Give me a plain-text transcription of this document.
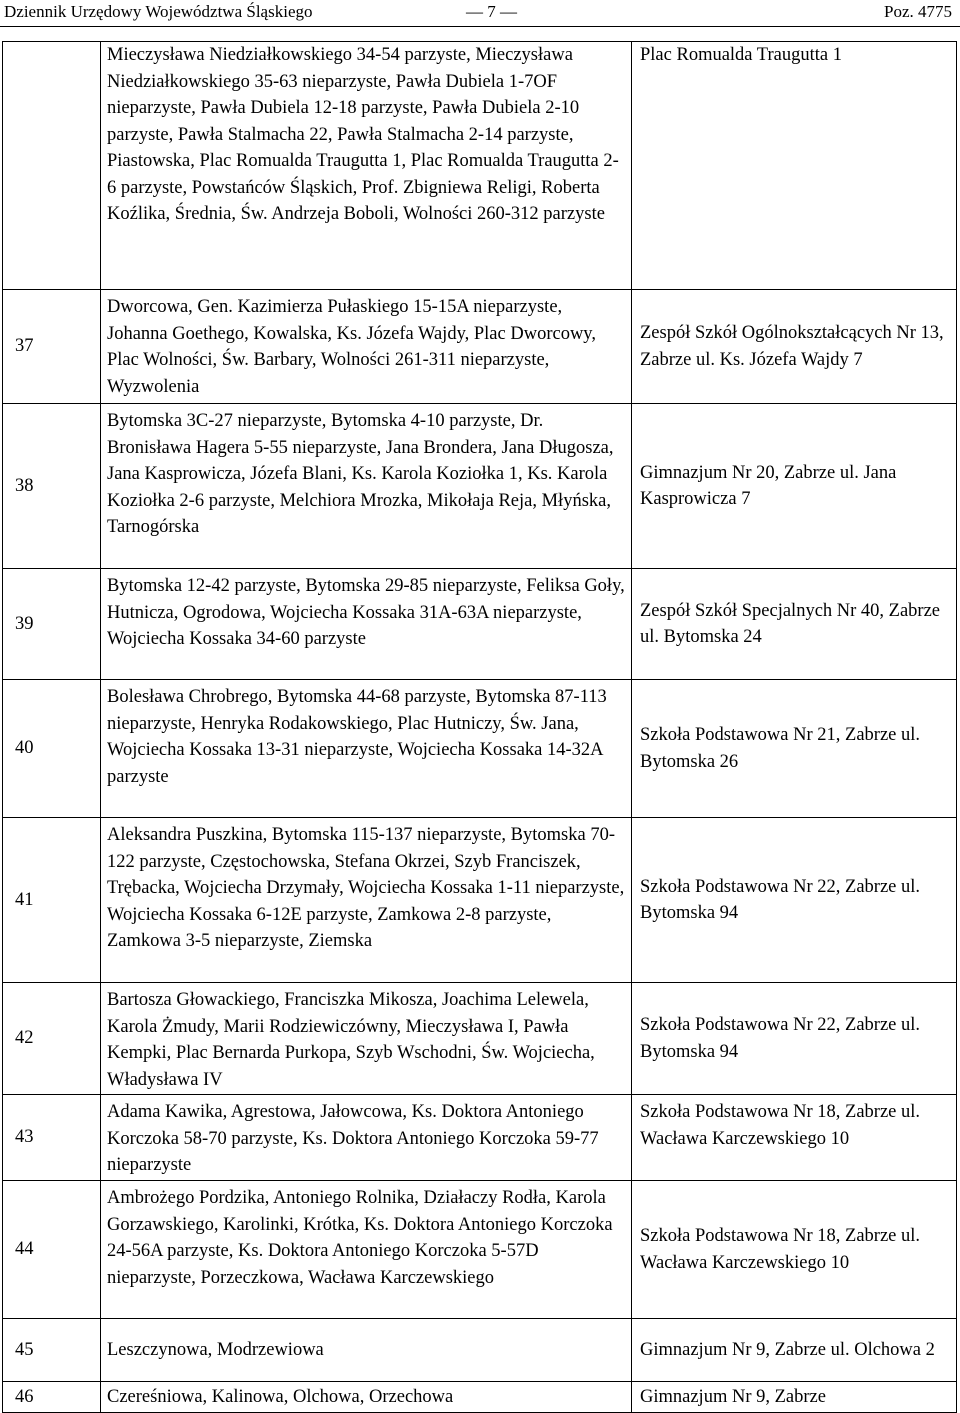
Dziennik Urzędowy Województwa Śląskiego	— 7 —	Poz. 4775

	Mieczysława Niedziałkowskiego 34-54 parzyste, Mieczysława Niedziałkowskiego 35-63 nieparzyste, Pawła Dubiela 1-7OF nieparzyste, Pawła Dubiela 12-18 parzyste, Pawła Dubiela 2-10 parzyste, Pawła Stalmacha 22, Pawła Stalmacha 2-14 parzyste, Piastowska, Plac Romualda Traugutta 1, Plac Romualda Traugutta 2-6 parzyste, Powstańców Śląskich, Prof. Zbigniewa Religi, Roberta Koźlika, Średnia, Św. Andrzeja Boboli, Wolności 260-312 parzyste	Plac Romualda Traugutta 1

37	Dworcowa, Gen. Kazimierza Pułaskiego 15-15A nieparzyste, Johanna Goethego, Kowalska, Ks. Józefa Wajdy, Plac Dworcowy, Plac Wolności, Św. Barbary, Wolności 261-311 nieparzyste, Wyzwolenia	Zespół Szkół Ogólnokształcących Nr 13, Zabrze ul. Ks. Józefa Wajdy 7

38	Bytomska 3C-27 nieparzyste, Bytomska 4-10 parzyste, Dr. Bronisława Hagera 5-55 nieparzyste, Jana Brondera, Jana Długosza, Jana Kasprowicza, Józefa Blani, Ks. Karola Koziołka 1, Ks. Karola Koziołka 2-6 parzyste, Melchiora Mrozka, Mikołaja Reja, Młyńska, Tarnogórska	Gimnazjum Nr 20, Zabrze ul. Jana Kasprowicza 7

39	Bytomska 12-42 parzyste, Bytomska 29-85 nieparzyste, Feliksa Goły, Hutnicza, Ogrodowa, Wojciecha Kossaka 31A-63A nieparzyste, Wojciecha Kossaka 34-60 parzyste	Zespół Szkół Specjalnych Nr 40, Zabrze ul. Bytomska 24

40	Bolesława Chrobrego, Bytomska 44-68 parzyste, Bytomska 87-113 nieparzyste, Henryka Rodakowskiego, Plac Hutniczy, Św. Jana, Wojciecha Kossaka 13-31 nieparzyste, Wojciecha Kossaka 14-32A parzyste	Szkoła Podstawowa Nr 21, Zabrze ul. Bytomska 26

41	Aleksandra Puszkina, Bytomska 115-137 nieparzyste, Bytomska 70-122 parzyste, Częstochowska, Stefana Okrzei, Szyb Franciszek, Trębacka, Wojciecha Drzymały, Wojciecha Kossaka 1-11 nieparzyste, Wojciecha Kossaka 6-12E parzyste, Zamkowa 2-8 parzyste, Zamkowa 3-5 nieparzyste, Ziemska	Szkoła Podstawowa Nr 22, Zabrze ul. Bytomska 94

42	Bartosza Głowackiego, Franciszka Mikosza, Joachima Lelewela, Karola Żmudy, Marii Rodziewiczówny, Mieczysława I, Pawła Kempki, Plac Bernarda Purkopa, Szyb Wschodni, Św. Wojciecha, Władysława IV	Szkoła Podstawowa Nr 22, Zabrze ul. Bytomska 94

43	Adama Kawika, Agrestowa, Jałowcowa, Ks. Doktora Antoniego Korczoka 58-70 parzyste, Ks. Doktora Antoniego Korczoka 59-77 nieparzyste	Szkoła Podstawowa Nr 18, Zabrze ul. Wacława Karczewskiego 10

44	Ambrożego Pordzika, Antoniego Rolnika, Działaczy Rodła, Karola Gorzawskiego, Karolinki, Krótka, Ks. Doktora Antoniego Korczoka 24-56A parzyste, Ks. Doktora Antoniego Korczoka 5-57D nieparzyste, Porzeczkowa, Wacława Karczewskiego	Szkoła Podstawowa Nr 18, Zabrze ul. Wacława Karczewskiego 10

45	Leszczynowa, Modrzewiowa	Gimnazjum Nr 9, Zabrze ul. Olchowa 2

46	Czereśniowa, Kalinowa, Olchowa, Orzechowa	Gimnazjum Nr 9, Zabrze
